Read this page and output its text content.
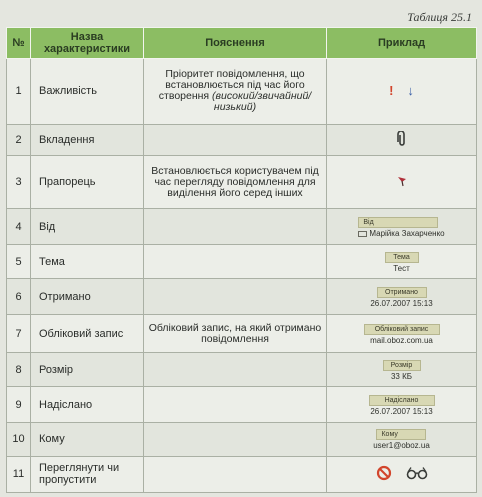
Таблиця 25.1
№	Назва характеристики	Пояснення	Приклад
1	Важливість	Пріоритет повідомлення, що встановлюється під час його створення (високий/звичайний/низький)	! ↓

2	Вкладення		
3	Прапорець	Встановлюється користувачем під час перегляду повідомлення для виділення його серед інших	
4	Від		Від
Марійка Захарченко

5	Тема		Тема
Тест

6	Отримано		Отримано
26.07.2007 15:13

7	Обліковий запис	Обліковий запис, на який отримано повідомлення	Обліковий запис
mail.oboz.com.ua

8	Розмір		Розмір
33 КБ

9	Надіслано		Надіслано
26.07.2007 15:13

10	Кому		Кому
user1@oboz.ua

11	Переглянути чи пропустити		
